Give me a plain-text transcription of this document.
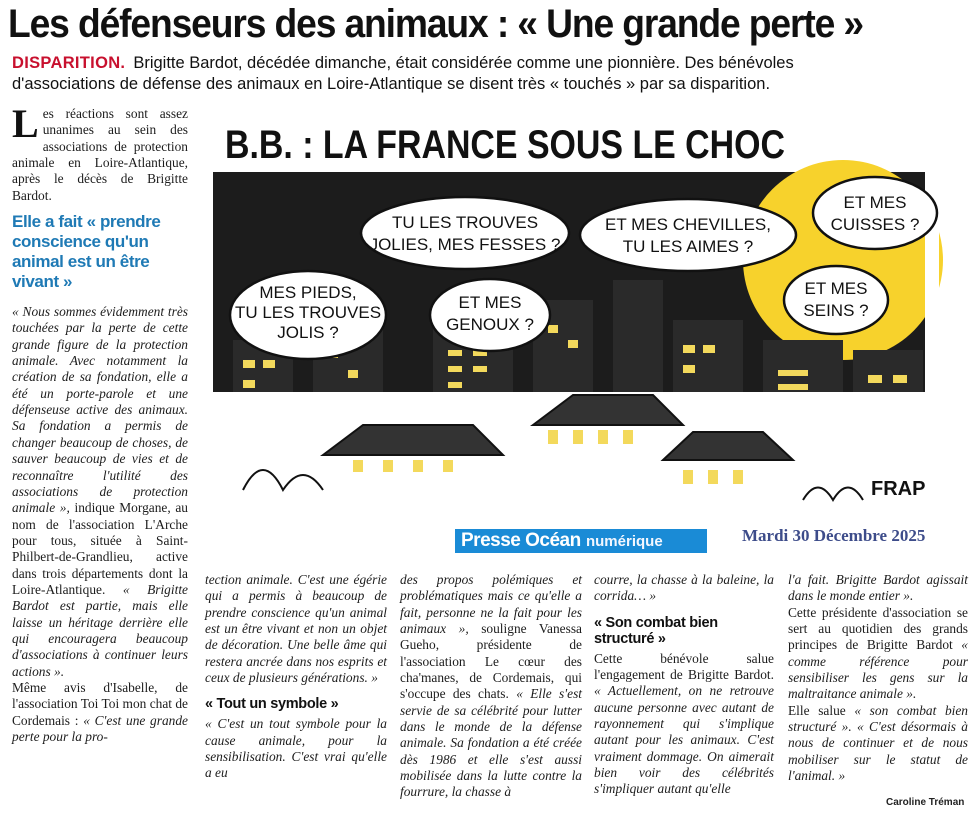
Les défenseurs des animaux : « Une grande perte »
DISPARITION. Brigitte Bardot, décédée dimanche, était considérée comme une pionnière. Des bénévoles
d'associations de défense des animaux en Loire-Atlantique se disent très « touchés » par sa disparition.

Les réactions sont assez unanimes au sein des associations de protection animale en Loire-Atlantique, après le décès de Brigitte Bardot.

Elle a fait « prendre conscience qu'un animal est un être vivant »

« Nous sommes évidemment très touchées par la perte de cette grande figure de la protection animale. Avec notamment la création de sa fondation, elle a été un porte-parole et une défenseuse active des animaux. Sa fondation a permis de changer beaucoup de choses, de sauver beaucoup de vies et de reconnaître l'utilité des associations de protection animale », indique Morgane, au nom de l'association L'Arche pour tous, située à Saint-Philbert-de-Grandlieu, active dans trois départements dont la Loire-Atlantique. « Brigitte Bardot est partie, mais elle laisse un héritage derrière elle qui encouragera beaucoup d'associations à continuer leurs actions ».

Même avis d'Isabelle, de l'association Toi Toi mon chat de Cordemais : « C'est une grande perte pour la pro-

B.B. : LA FRANCE SOUS LE CHOC
MES PIEDS,
TU LES TROUVES
JOLIS ?
TU LES TROUVES
JOLIES, MES FESSES ?
ET MES
GENOUX ?
ET MES CHEVILLES,
TU LES AIMES ?
ET MES
CUISSES ?
ET MES
SEINS ?
FRAP
Presse Océan numérique	Mardi 30 Décembre 2025

tection animale. C'est une égérie qui a permis à beaucoup de prendre conscience qu'un animal est un être vivant et non un objet de décoration. Une belle âme qui restera ancrée dans nos esprits et ceux de plusieurs générations. »

« Tout un symbole »

« C'est un tout symbole pour la cause animale, pour la sensibilisation. C'est vrai qu'elle a eu

des propos polémiques et problématiques mais ce qu'elle a fait, personne ne la fait pour les animaux », souligne Vanessa Gueho, présidente de l'association Le cœur des cha'manes, de Cordemais, qui s'occupe des chats. « Elle s'est servie de sa célébrité pour lutter dans le monde de la défense animale. Sa fondation a été créée dès 1986 et elle s'est aussi mobilisée dans la lutte contre la fourrure, la chasse à

courre, la chasse à la baleine, la corrida… »

« Son combat bien structuré »

Cette bénévole salue l'engagement de Brigitte Bardot. « Actuellement, on ne retrouve aucune personne avec autant de rayonnement qui s'implique autant pour les animaux. C'est vraiment dommage. On aimerait bien voir des célébrités s'impliquer autant qu'elle

l'a fait. Brigitte Bardot agissait dans le monde entier ».

Cette présidente d'association se sert au quotidien des grands principes de Brigitte Bardot « comme référence pour sensibiliser les gens sur la maltraitance animale ».

Elle salue « son combat bien structuré ». « C'est désormais à nous de continuer et de nous mobiliser sur le statut de l'animal. »

Caroline Tréman
